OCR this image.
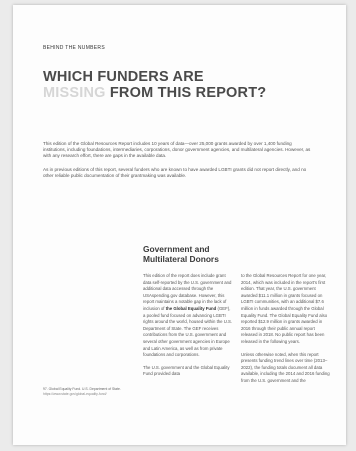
BEHIND THE NUMBERS
WHICH FUNDERS ARE
MISSING FROM THIS REPORT?

This edition of the Global Resources Report includes 10 years of data—over 25,000 grants awarded by over 1,400 funding institutions, including foundations, intermediaries, corporations, donor government agencies, and multilateral agencies. However, as with any research effort, there are gaps in the available data.

As in previous editions of this report, several funders who are known to have awarded LGBTI grants did not report directly, and no other reliable public documentation of their grantmaking was available.

Government and Multilateral Donors

This edition of the report does include grant data self-reported by the U.S. government and additional data accessed through the USAspending.gov database. However, this report maintains a notable gap in the lack of inclusion of the Global Equality Fund (GEF), a pooled fund focused on advancing LGBTI rights around the world, housed within the U.S. Department of State. The GEF receives contributions from the U.S. government and several other government agencies in Europe and Latin America, as well as from private foundations and corporations.

The U.S. government and the Global Equality Fund provided data

to the Global Resources Report for one year, 2014, which was included in the report's first edition. That year, the U.S. government awarded $11.1 million in grants focused on LGBTI communities, with an additional $7.6 million in funds awarded through the Global Equality Fund. The Global Equality Fund also reported $12.9 million in grants awarded in 2016 through their public annual report released in 2018. No public report has been released in the following years.

Unless otherwise noted, when this report presents funding trend lines over time (2013–2022), the funding totals document all data available, including the 2014 and 2016 funding from the U.S. government and the

97. Global Equality Fund. U.S. Department of State.
https://www.state.gov/global-equality-fund/
